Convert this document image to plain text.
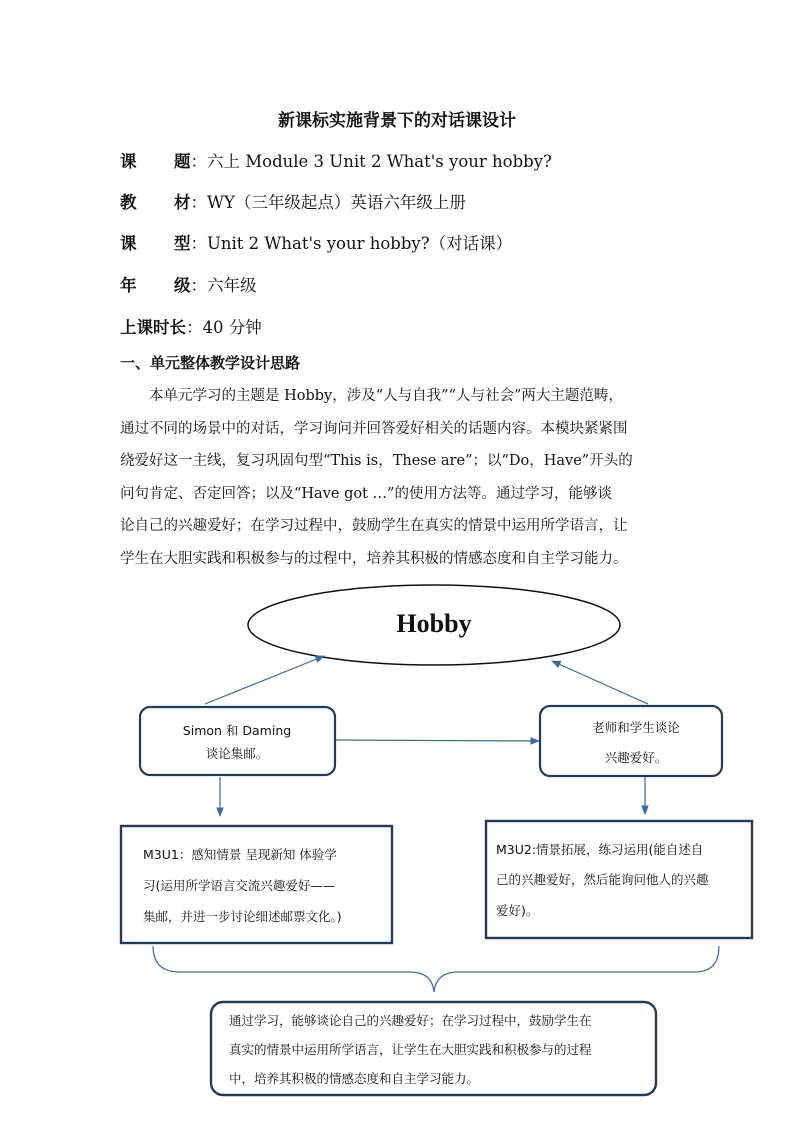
新课标实施背景下的对话课设计
课 题：六上 Module 3 Unit 2 What's your hobby?
教 材：WY（三年级起点）英语六年级上册
课 型：Unit 2 What's your hobby?（对话课）
年 级：六年级
上课时长：40 分钟
一、单元整体教学设计思路

本单元学习的主题是 Hobby，涉及“人与自我”“人与社会”两大主题范畴，

通过不同的场景中的对话，学习询问并回答爱好相关的话题内容。本模块紧紧围

绕爱好这一主线，复习巩固句型“This is，These are”；以“Do，Have”开头的

问句肯定、否定回答；以及“Have got …”的使用方法等。通过学习，能够谈

论自己的兴趣爱好；在学习过程中，鼓励学生在真实的情景中运用所学语言，让

学生在大胆实践和积极参与的过程中，培养其积极的情感态度和自主学习能力。

Hobby
Simon 和 Daming
谈论集邮。
老师和学生谈论
兴趣爱好。
M3U1：感知情景 呈现新知 体验学
习(运用所学语言交流兴趣爱好——
集邮，并进一步讨论细述邮票文化。)
M3U2:情景拓展，练习运用(能自述自
己的兴趣爱好，然后能询问他人的兴趣
爱好)。
通过学习，能够谈论自己的兴趣爱好；在学习过程中，鼓励学生在
真实的情景中运用所学语言，让学生在大胆实践和积极参与的过程
中，培养其积极的情感态度和自主学习能力。
